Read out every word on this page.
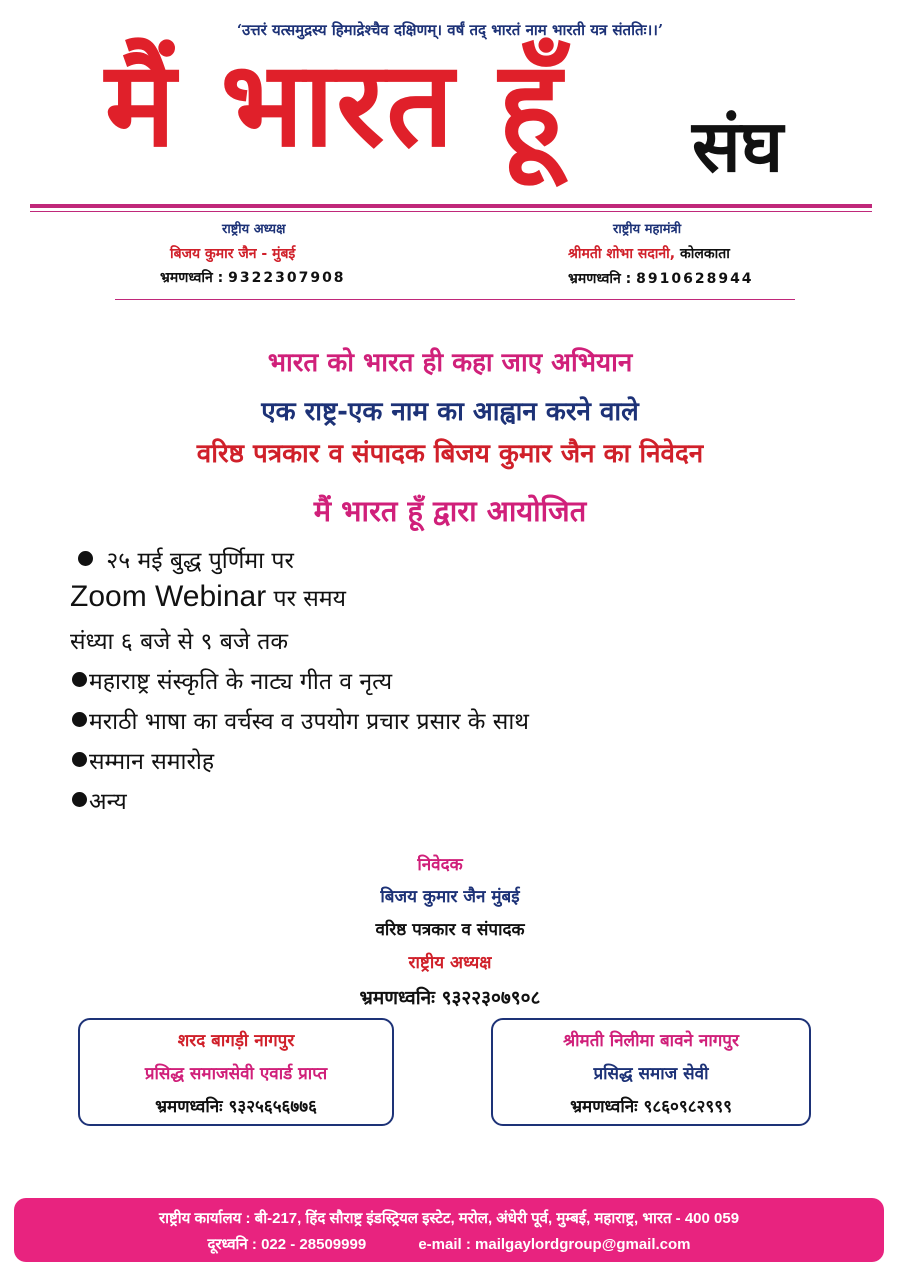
‘उत्तरं यत्समुद्रस्य हिमाद्रेश्चैव दक्षिणम्। वर्षं तद् भारतं नाम भारती यत्र संततिः।।’
मैं भारत हूँ संघ
राष्ट्रीय अध्यक्ष
बिजय कुमार जैन - मुंबई
भ्रमणध्वनि : 9322307908
राष्ट्रीय महामंत्री
श्रीमती शोभा सदानी, कोलकाता
भ्रमणध्वनि : 8910628944
भारत को भारत ही कहा जाए अभियान
एक राष्ट्र-एक नाम का आह्वान करने वाले
वरिष्ठ पत्रकार व संपादक बिजय कुमार जैन का निवेदन
मैं भारत हूँ द्वारा आयोजित
२५ मई बुद्ध पुर्णिमा पर
Zoom Webinar पर समय
संध्या ६ बजे से ९ बजे तक
महाराष्ट्र संस्कृति के नाट्य गीत व नृत्य
मराठी भाषा का वर्चस्व व उपयोग प्रचार प्रसार के साथ
सम्मान समारोह
अन्य
निवेदक
बिजय कुमार जैन मुंबई
वरिष्ठ पत्रकार व संपादक
राष्ट्रीय अध्यक्ष
भ्रमणध्वनिः ९३२२३०७९०८
शरद बागड़ी नागपुर
प्रसिद्ध समाजसेवी एवार्ड प्राप्त
भ्रमणध्वनिः ९३२५६५६७७६
श्रीमती निलीमा बावने नागपुर
प्रसिद्ध समाज सेवी
भ्रमणध्वनिः ९८६०९८२९९९
राष्ट्रीय कार्यालय : बी-217, हिंद सौराष्ट्र इंडस्ट्रियल इस्टेट, मरोल, अंधेरी पूर्व, मुम्बई, महाराष्ट्र, भारत - 400 059
दूरध्वनि : 022 - 28509999	e-mail : mailgaylordgroup@gmail.com
